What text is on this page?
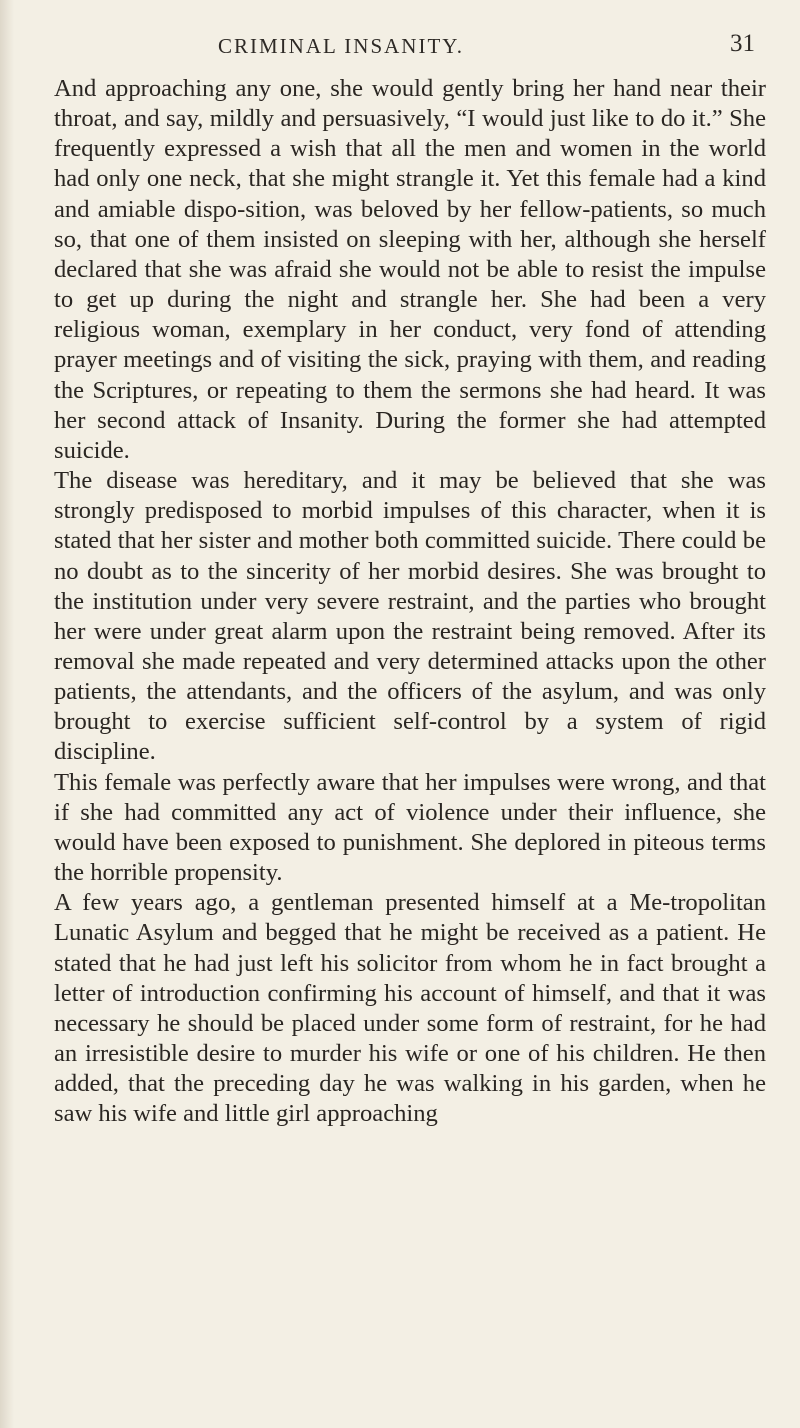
CRIMINAL INSANITY.	31

And approaching any one, she would gently bring her hand near their throat, and say, mildly and persuasively, “I would just like to do it.” She frequently expressed a wish that all the men and women in the world had only one neck, that she might strangle it. Yet this female had a kind and amiable dispo-sition, was beloved by her fellow-patients, so much so, that one of them insisted on sleeping with her, although she herself declared that she was afraid she would not be able to resist the impulse to get up during the night and strangle her. She had been a very religious woman, exemplary in her conduct, very fond of attending prayer meetings and of visiting the sick, praying with them, and reading the Scriptures, or repeating to them the sermons she had heard. It was her second attack of Insanity. During the former she had attempted suicide.

The disease was hereditary, and it may be believed that she was strongly predisposed to morbid impulses of this character, when it is stated that her sister and mother both committed suicide. There could be no doubt as to the sincerity of her morbid desires. She was brought to the institution under very severe restraint, and the parties who brought her were under great alarm upon the restraint being removed. After its removal she made repeated and very determined attacks upon the other patients, the attendants, and the officers of the asylum, and was only brought to exercise sufficient self-control by a system of rigid discipline.

This female was perfectly aware that her impulses were wrong, and that if she had committed any act of violence under their influence, she would have been exposed to punishment. She deplored in piteous terms the horrible propensity.

A few years ago, a gentleman presented himself at a Me-tropolitan Lunatic Asylum and begged that he might be received as a patient. He stated that he had just left his solicitor from whom he in fact brought a letter of introduction confirming his account of himself, and that it was necessary he should be placed under some form of restraint, for he had an irresistible desire to murder his wife or one of his children. He then added, that the preceding day he was walking in his garden, when he saw his wife and little girl approaching
